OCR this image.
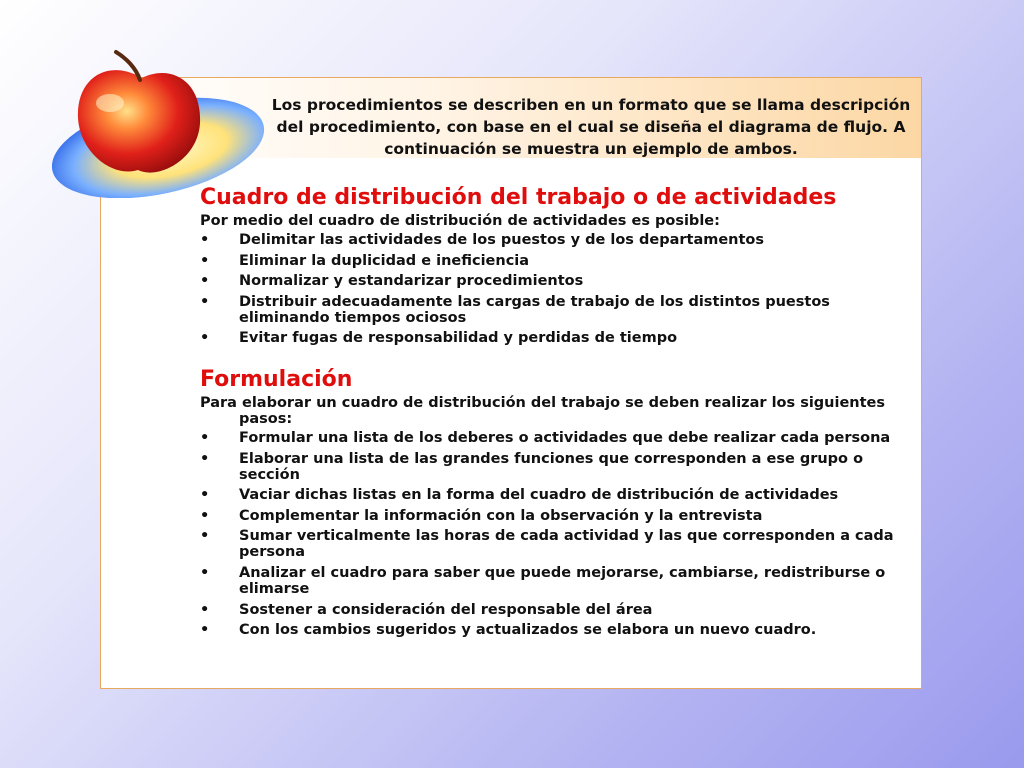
Los procedimientos se describen en un formato que se llama descripción del procedimiento, con base en el cual se diseña el diagrama de flujo. A continuación se muestra un ejemplo de ambos.
Cuadro de distribución del trabajo o de actividades
Por medio del cuadro de distribución de actividades es posible:
• Delimitar las actividades de los puestos y de los departamentos
• Eliminar la duplicidad e ineficiencia
• Normalizar y estandarizar procedimientos
• Distribuir adecuadamente las cargas de trabajo de los distintos puestos eliminando tiempos ociosos
• Evitar fugas de responsabilidad y perdidas de tiempo
Formulación
Para elaborar un cuadro de distribución del trabajo se deben realizar los siguientes
pasos:
• Formular una lista de los deberes o actividades que debe realizar cada persona
• Elaborar una lista de las grandes funciones que corresponden a ese grupo o sección
• Vaciar dichas listas en la forma del cuadro de distribución de actividades
• Complementar la información con la observación y la entrevista
• Sumar verticalmente las horas de cada actividad y las que corresponden a cada persona
• Analizar el cuadro para saber que puede mejorarse, cambiarse, redistriburse o elimarse
• Sostener a consideración del responsable del área
• Con los cambios sugeridos y actualizados se elabora un nuevo cuadro.
